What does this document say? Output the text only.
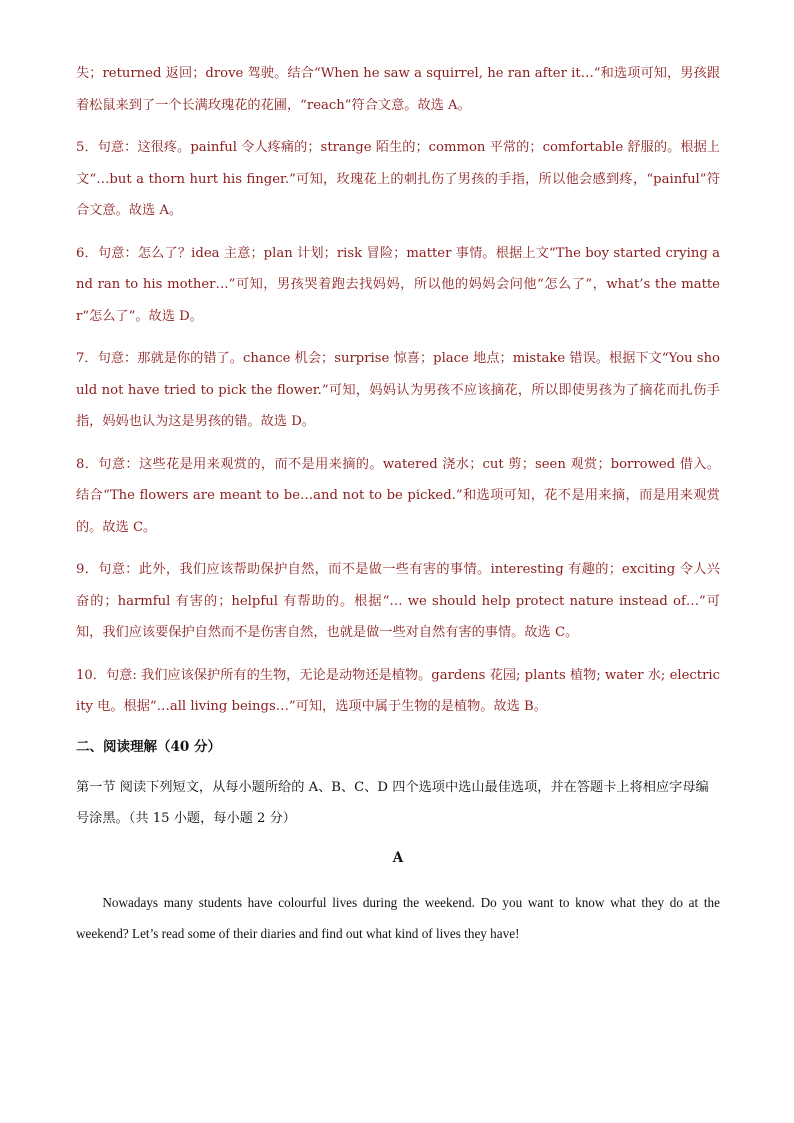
失；returned 返回；drove 驾驶。结合“When he saw a squirrel, he ran after it…”和选项可知，男孩跟着松鼠来到了一个长满玫瑰花的花圃，“reach”符合文意。故选 A。

5．句意：这很疼。painful 令人疼痛的；strange 陌生的；common 平常的；comfortable 舒服的。根据上文“…but a thorn hurt his finger.”可知，玫瑰花上的刺扎伤了男孩的手指，所以他会感到疼，“painful”符合文意。故选 A。

6．句意：怎么了？idea 主意；plan 计划；risk 冒险；matter 事情。根据上文“The boy started crying and ran to his mother…”可知，男孩哭着跑去找妈妈，所以他的妈妈会问他“怎么了”，what’s the matter“怎么了”。故选 D。

7．句意：那就是你的错了。chance 机会；surprise 惊喜；place 地点；mistake 错误。根据下文“You should not have tried to pick the flower.”可知，妈妈认为男孩不应该摘花，所以即使男孩为了摘花而扎伤手指，妈妈也认为这是男孩的错。故选 D。

8．句意：这些花是用来观赏的，而不是用来摘的。watered 浇水；cut 剪；seen 观赏；borrowed 借入。结合“The flowers are meant to be…and not to be picked.”和选项可知，花不是用来摘，而是用来观赏的。故选 C。

9．句意：此外，我们应该帮助保护自然，而不是做一些有害的事情。interesting 有趣的；exciting 令人兴奋的；harmful 有害的；helpful 有帮助的。根据“… we should help protect nature instead of…”可知，我们应该要保护自然而不是伤害自然，也就是做一些对自然有害的事情。故选 C。

10．句意: 我们应该保护所有的生物，无论是动物还是植物。gardens 花园; plants 植物; water 水; electricity 电。根据“…all living beings…”可知，选项中属于生物的是植物。故选 B。

二、阅读理解（40 分）

第一节 阅读下列短文，从每小题所给的 A、B、C、D 四个选项中选山最佳选项，并在答题卡上将相应字母编号涂黑。（共 15 小题，每小题 2 分）

A

Nowadays many students have colourful lives during the weekend. Do you want to know what they do at the weekend? Let’s read some of their diaries and find out what kind of lives they have!
